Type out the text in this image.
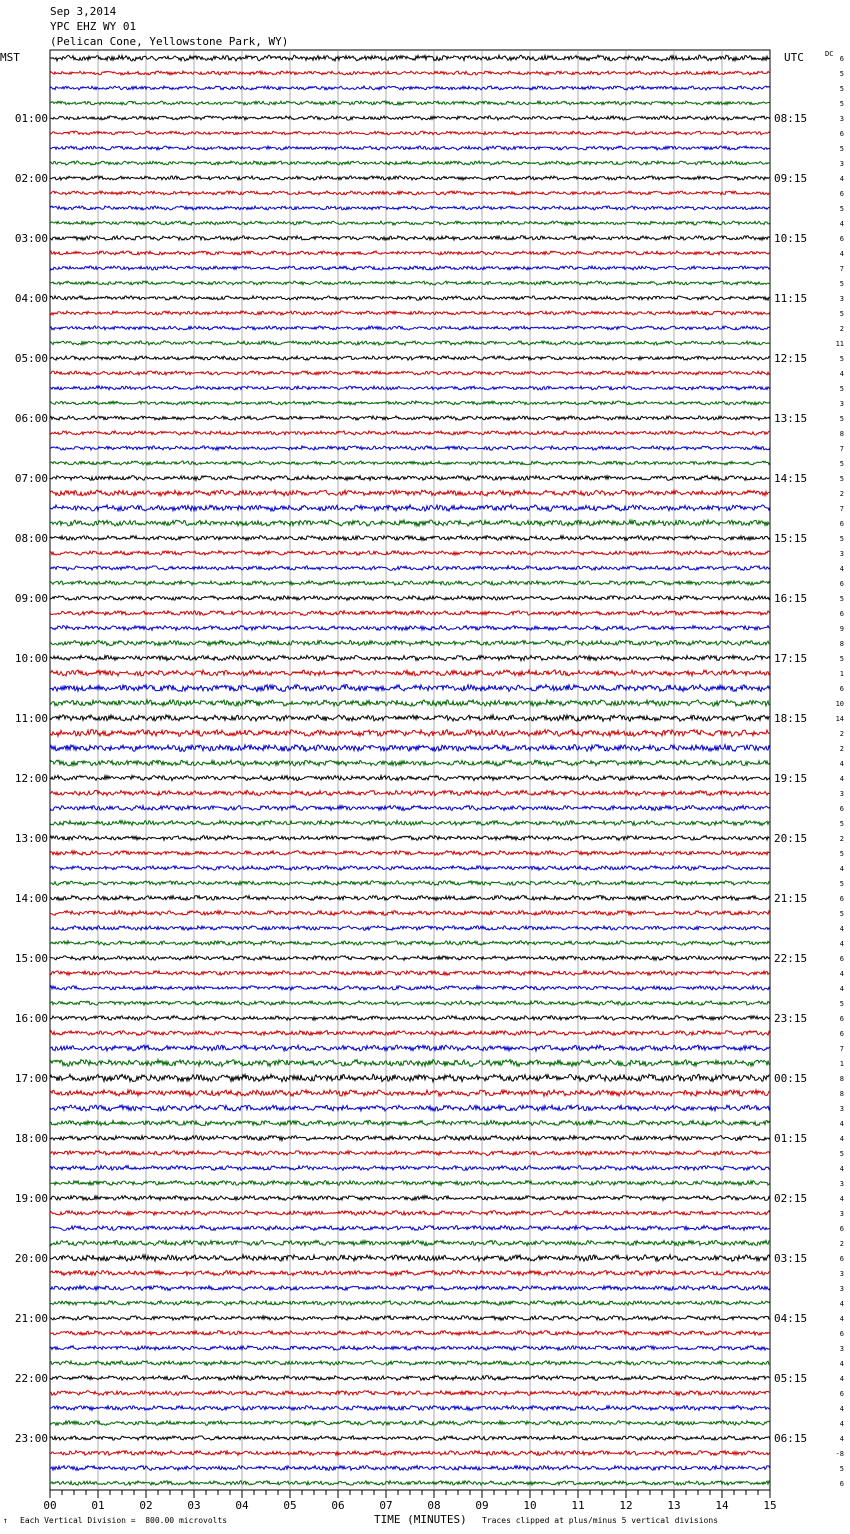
Sep 3,2014
YPC EHZ WY 01
(Pelican Cone, Yellowstone Park, WY)
MST	UTC	DC
01:00
02:00
03:00
04:00
05:00
06:00
07:00
08:00
09:00
10:00
11:00
12:00
13:00
14:00
15:00
16:00
17:00
18:00
19:00
20:00
21:00
22:00
23:00
08:15
09:15
10:15
11:15
12:15
13:15
14:15
15:15
16:15
17:15
18:15
19:15
20:15
21:15
22:15
23:15
00:15
01:15
02:15
03:15
04:15
05:15
06:15
6
5
5
5
3
6
5
3
4
6
5
4
6
4
7
5
3
5
2
11
5
4
5
3
5
8
7
5
5
2
7
6
5
3
4
6
5
6
9
8
5
1
6
10
14
2
2
4
4
3
6
5
2
5
4
5
6
5
4
4
6
4
4
5
6
6
7
1
8
8
3
4
4
5
4
3
4
3
6
2
6
3
3
4
4
6
3
4
4
6
4
4
4
-8
5
6
00	01	02	03	04	05	06	07	08	09	10	11	12	13	14	15
↑ Each Vertical Division =  800.00 microvolts	TIME (MINUTES) Traces clipped at plus/minus 5 vertical divisions
